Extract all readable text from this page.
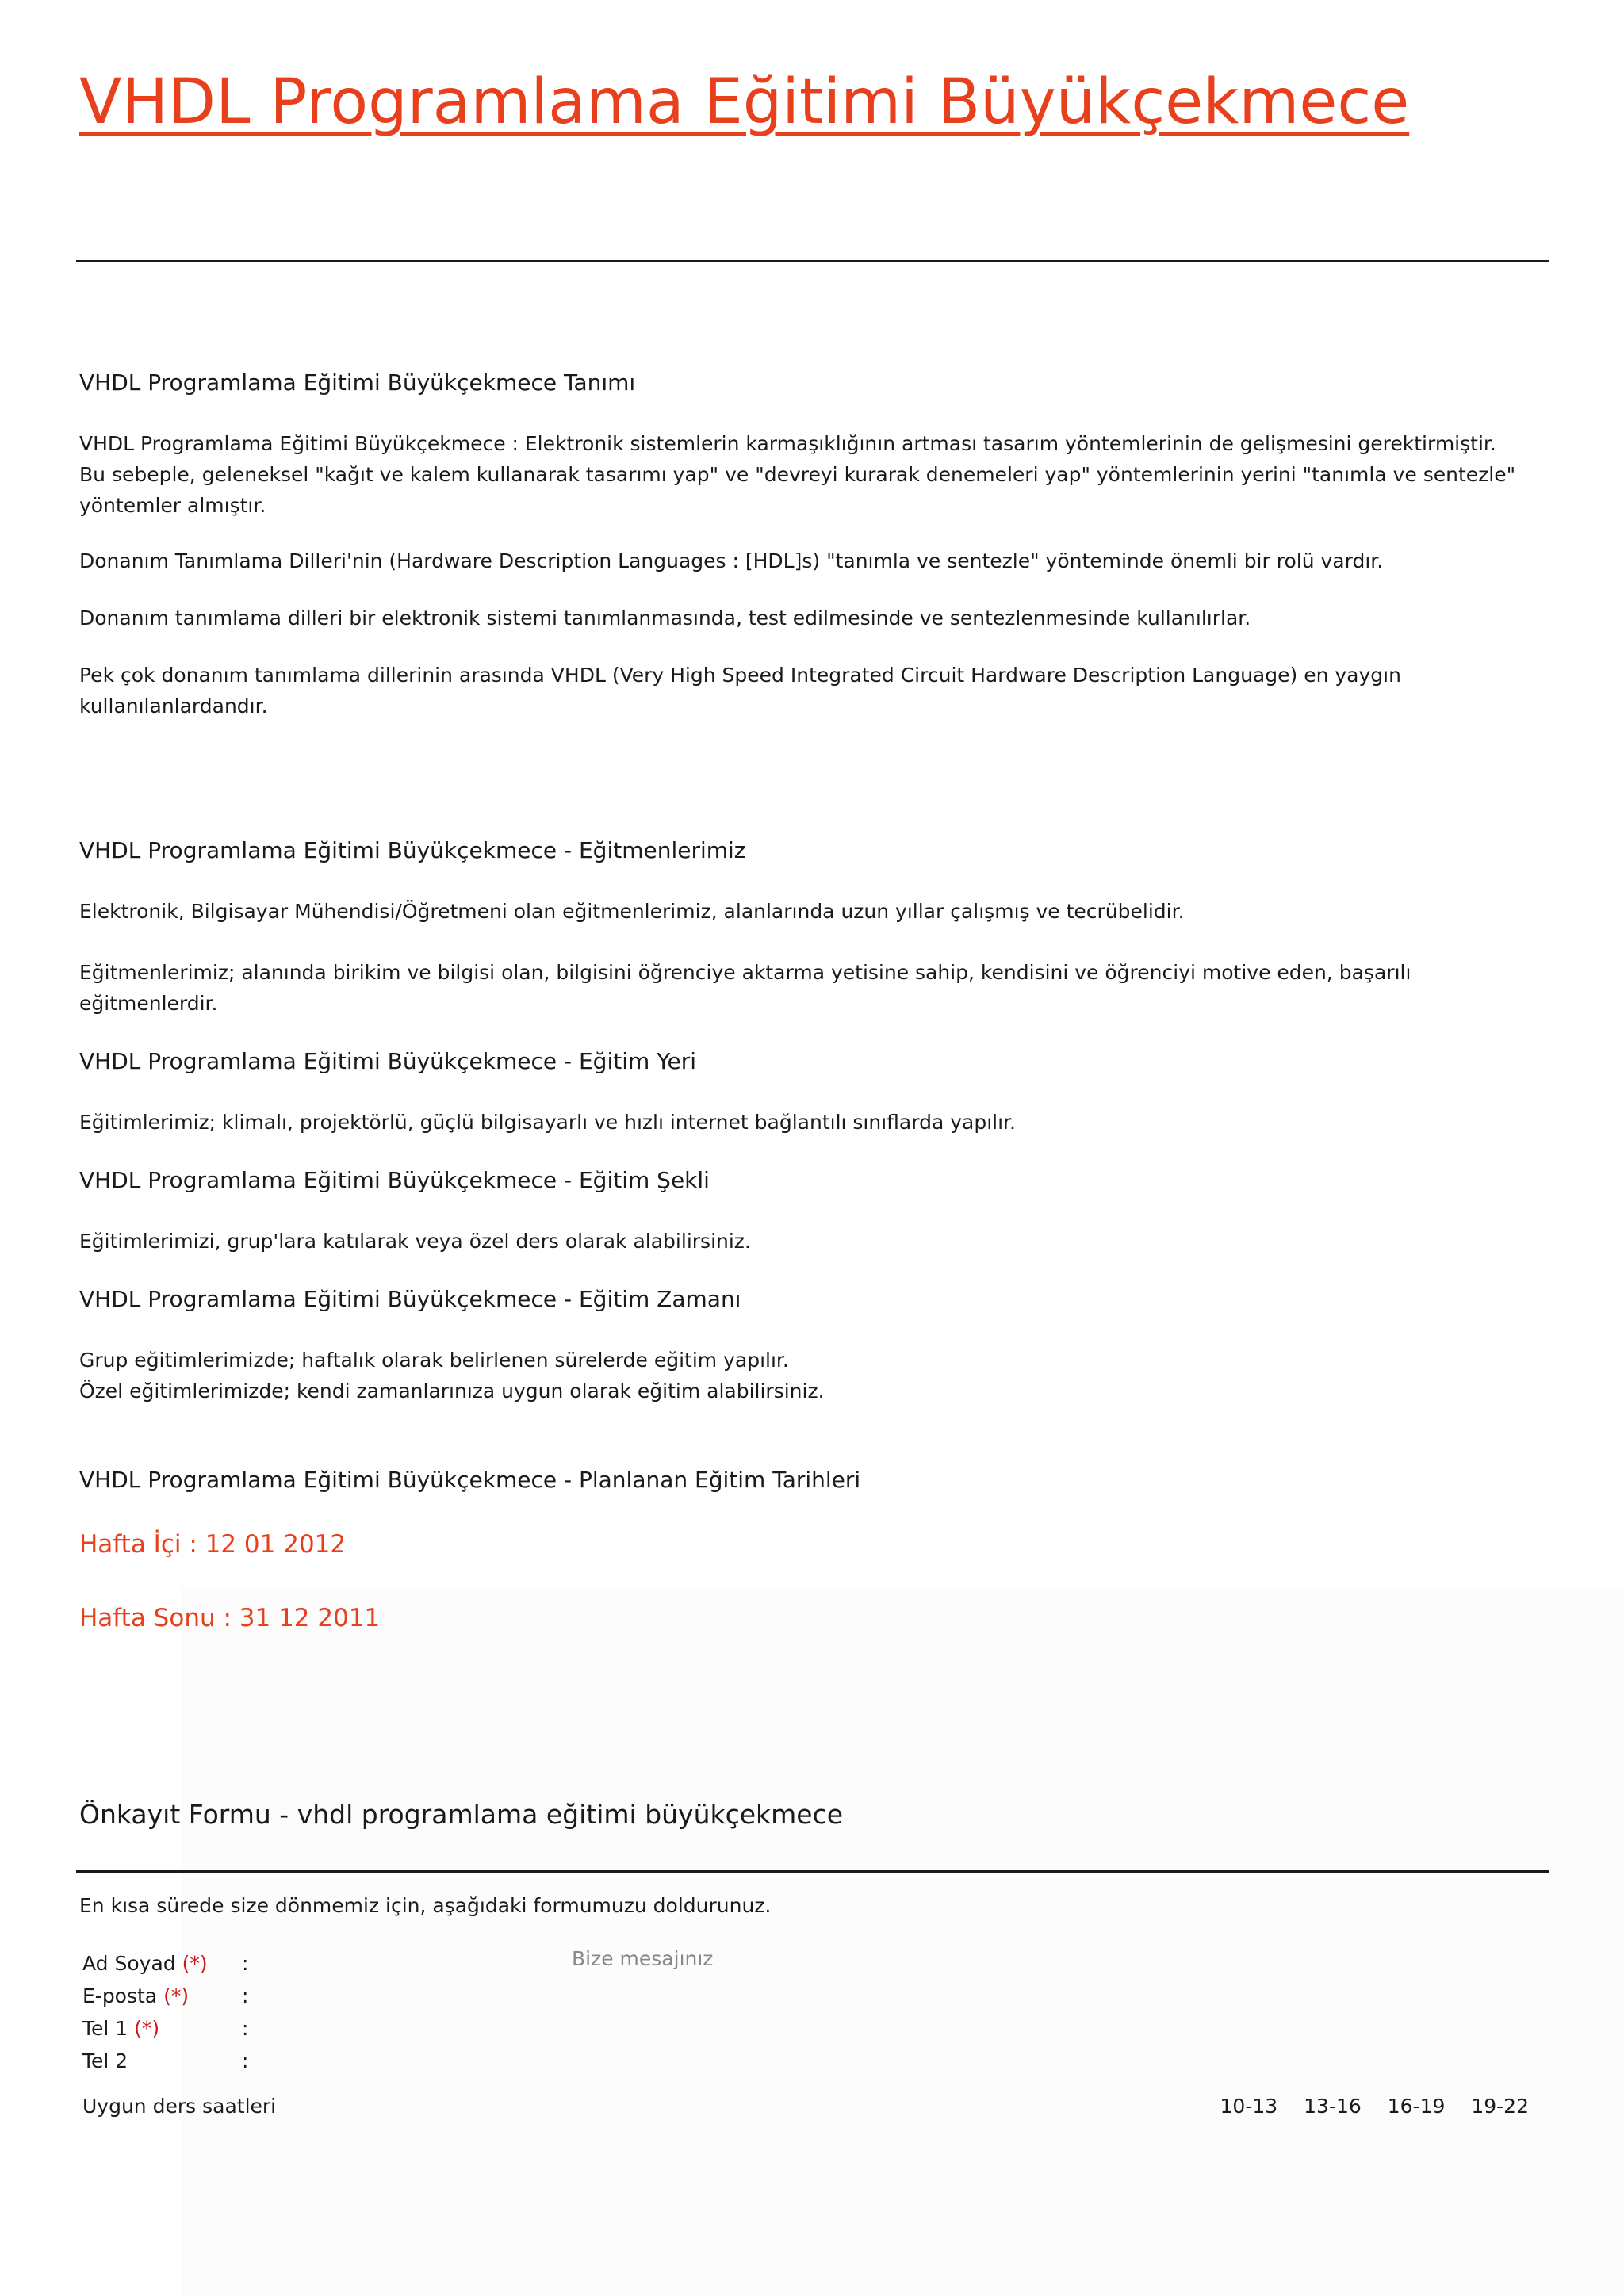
VHDL Programlama Eğitimi Büyükçekmece
VHDL Programlama Eğitimi Büyükçekmece Tanımı

VHDL Programlama Eğitimi Büyükçekmece : Elektronik sistemlerin karmaşıklığının artması tasarım yöntemlerinin de gelişmesini gerektirmiştir. Bu sebeple, geleneksel "kağıt ve kalem kullanarak tasarımı yap" ve "devreyi kurarak denemeleri yap" yöntemlerinin yerini "tanımla ve sentezle" yöntemler almıştır.

Donanım Tanımlama Dilleri'nin (Hardware Description Languages : [HDL]s) "tanımla ve sentezle" yönteminde önemli bir rolü vardır.

Donanım tanımlama dilleri bir elektronik sistemi tanımlanmasında, test edilmesinde ve sentezlenmesinde kullanılırlar.

Pek çok donanım tanımlama dillerinin arasında VHDL (Very High Speed Integrated Circuit Hardware Description Language) en yaygın kullanılanlardandır.

VHDL Programlama Eğitimi Büyükçekmece - Eğitmenlerimiz

Elektronik, Bilgisayar Mühendisi/Öğretmeni olan eğitmenlerimiz, alanlarında uzun yıllar çalışmış ve tecrübelidir.

Eğitmenlerimiz; alanında birikim ve bilgisi olan, bilgisini öğrenciye aktarma yetisine sahip, kendisini ve öğrenciyi motive eden, başarılı eğitmenlerdir.

VHDL Programlama Eğitimi Büyükçekmece - Eğitim Yeri

Eğitimlerimiz; klimalı, projektörlü, güçlü bilgisayarlı ve hızlı internet bağlantılı sınıflarda yapılır.

VHDL Programlama Eğitimi Büyükçekmece - Eğitim Şekli

Eğitimlerimizi, grup'lara katılarak veya özel ders olarak alabilirsiniz.

VHDL Programlama Eğitimi Büyükçekmece - Eğitim Zamanı

Grup eğitimlerimizde; haftalık olarak belirlenen sürelerde eğitim yapılır.

Özel eğitimlerimizde; kendi zamanlarınıza uygun olarak eğitim alabilirsiniz.

VHDL Programlama Eğitimi Büyükçekmece - Planlanan Eğitim Tarihleri

Hafta İçi : 12 01 2012

Hafta Sonu : 31 12 2011

Önkayıt Formu - vhdl programlama eğitimi büyükçekmece

En kısa sürede size dönmemiz için, aşağıdaki formumuzu doldurunuz.

Ad Soyad (*) :
E-posta (*)	:
Tel 1 (*)	:
Tel 2	:
Bize mesajınız
Uygun ders saatleri	10-13 13-16 16-19 19-22
